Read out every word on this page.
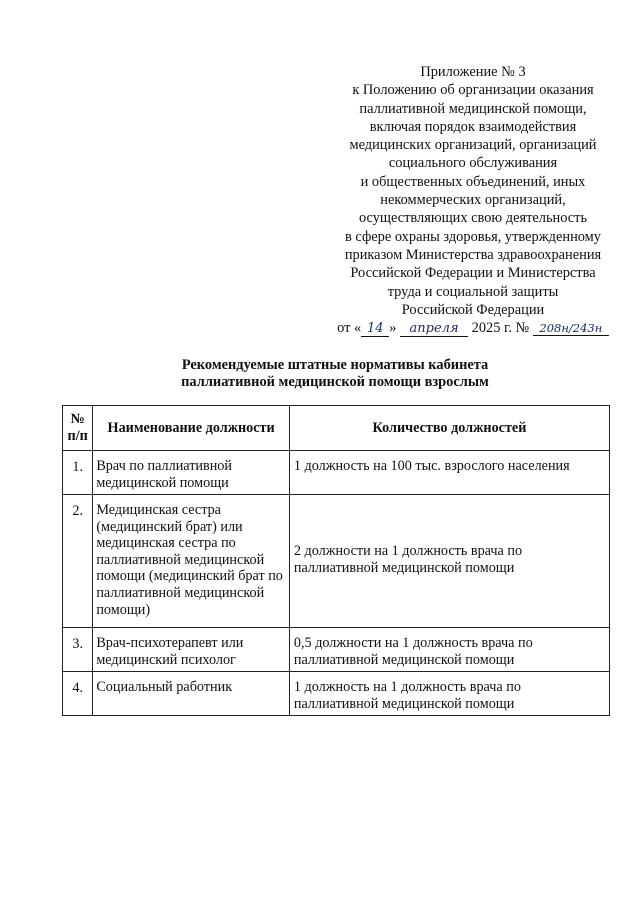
Приложение № 3
к Положению об организации оказания
паллиативной медицинской помощи,
включая порядок взаимодействия
медицинских организаций, организаций
социального обслуживания
и общественных объединений, иных
некоммерческих организаций,
осуществляющих свою деятельность
в сфере охраны здоровья, утвержденному
приказом Министерства здравоохранения
Российской Федерации и Министерства
труда и социальной защиты
Российской Федерации
от « 14 » апреля 2025 г. № 208н/243н
Рекомендуемые штатные нормативы кабинета
паллиативной медицинской помощи взрослым
№
п/п	Наименование должности	Количество должностей
1.	Врач по паллиативной медицинской помощи	1 должность на 100 тыс. взрослого населения
2.	Медицинская сестра (медицинский брат) или медицинская сестра по паллиативной медицинской помощи (медицинский брат по паллиативной медицинской помощи)	2 должности на 1 должность врача по паллиативной медицинской помощи
3.	Врач-психотерапевт или медицинский психолог	0,5 должности на 1 должность врача по паллиативной медицинской помощи
4.	Социальный работник	1 должность на 1 должность врача по паллиативной медицинской помощи
